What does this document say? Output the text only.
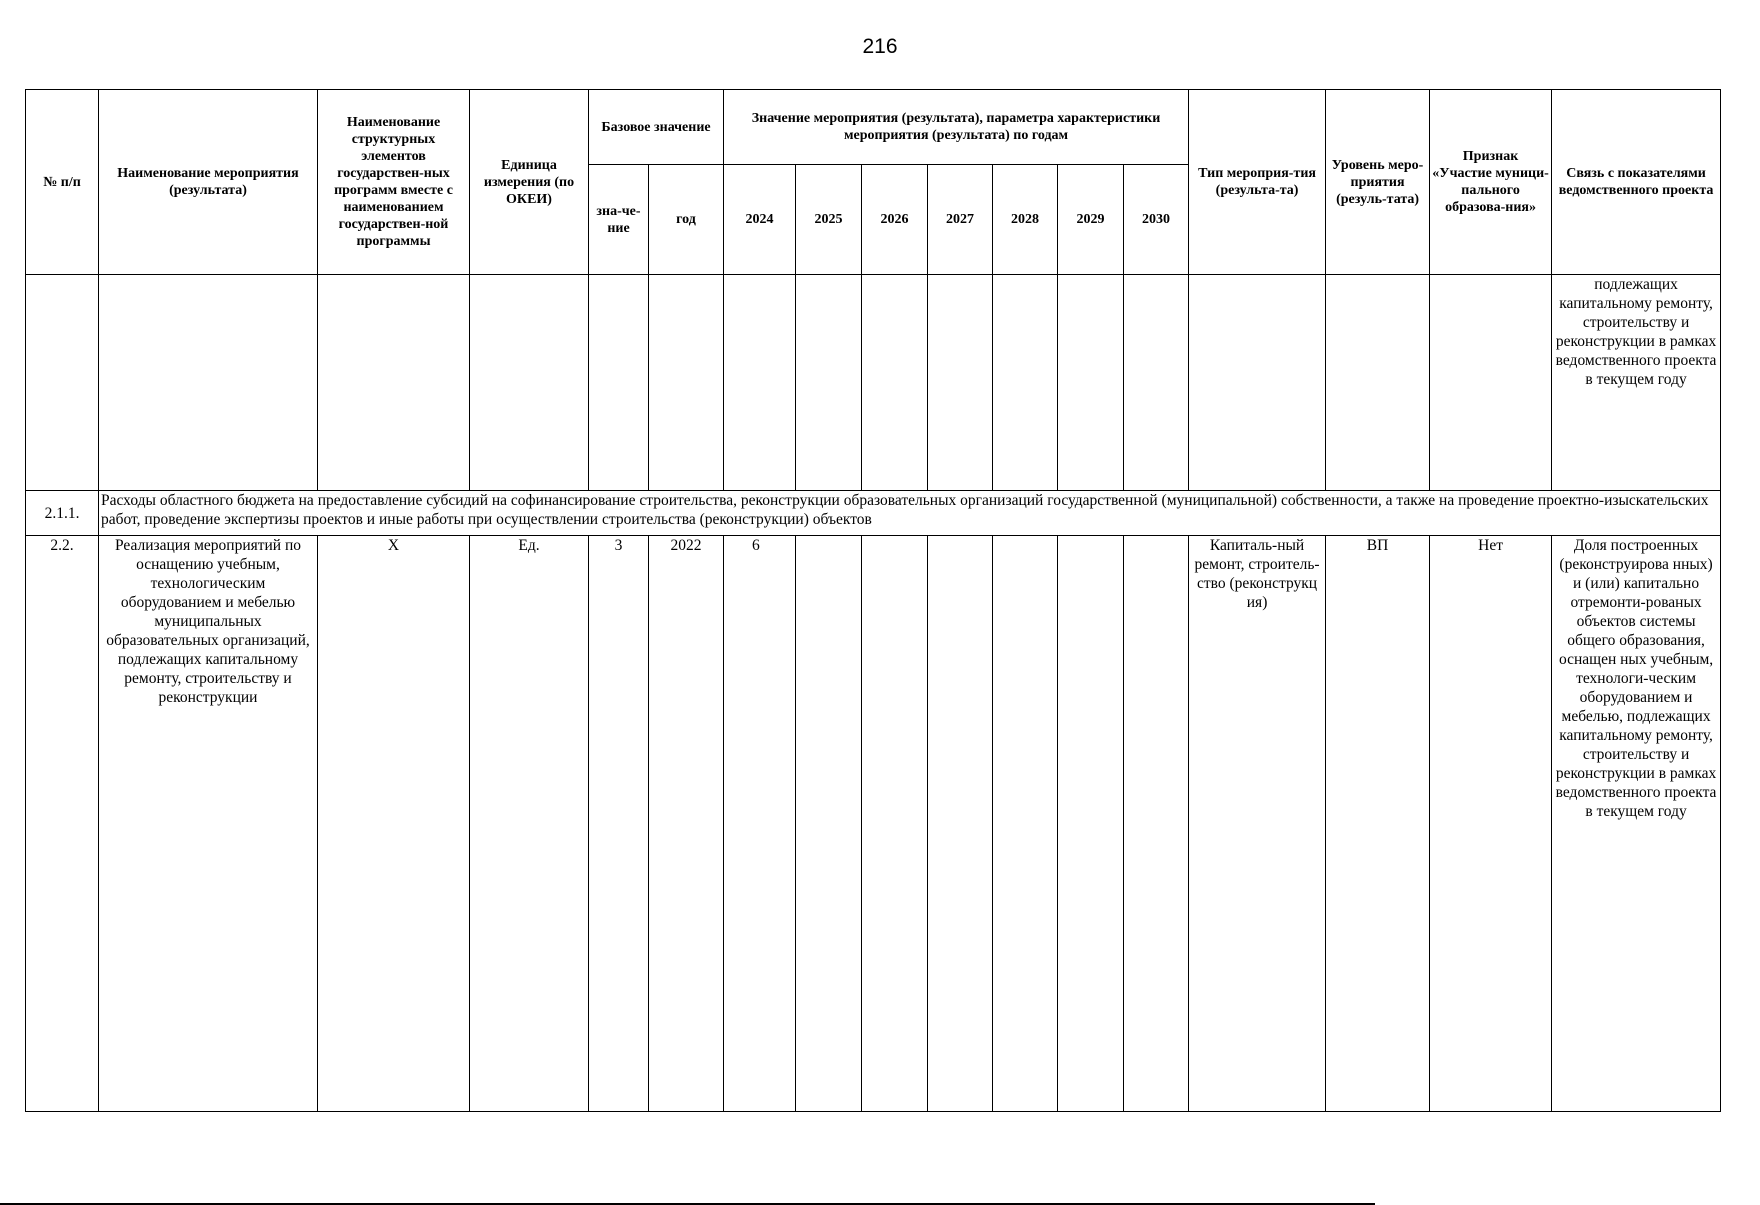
216
№ п/п	Наименование мероприятия (результата)	Наименование структурных элементов государствен-ных программ вместе с наименованием государствен-ной программы	Единица измерения (по ОКЕИ)	Базовое значение		Значение мероприятия (результата), параметра характеристики мероприятия (результата) по годам							Тип мероприя-тия (результа-та)	Уровень меро-приятия (резуль-тата)	Признак «Участие муници-пального образова-ния»	Связь с показателями ведомственного проекта
				зна-че-ние	год	2024	2025	2026	2027	2028	2029	2030				
																подлежащих капитальному ремонту, строительству и реконструкции в рамках ведомственного проекта в текущем году
2.1.1.	Расходы областного бюджета на предоставление субсидий на софинансирование строительства, реконструкции образовательных организаций государственной (муниципальной) собственности, а также на проведение проектно-изыскательских работ, проведение экспертизы проектов и иные работы при осуществлении строительства (реконструкции) объектов															
2.2.	Реализация мероприятий по оснащению учебным, технологическим оборудованием и мебелью муниципальных образовательных организаций, подлежащих капитальному ремонту, строительству и реконструкции	Х	Ед.	3	2022	6							Капиталь-ный ремонт, строитель-ство (реконструкц ия)	ВП	Нет	Доля построенных (реконструирова нных) и (или) капитально отремонти-рованых объектов системы общего образования, оснащен ных учебным, технологи-ческим оборудованием и мебелью, подлежащих капитальному ремонту, строительству и реконструкции в рамках ведомственного проекта в текущем году
